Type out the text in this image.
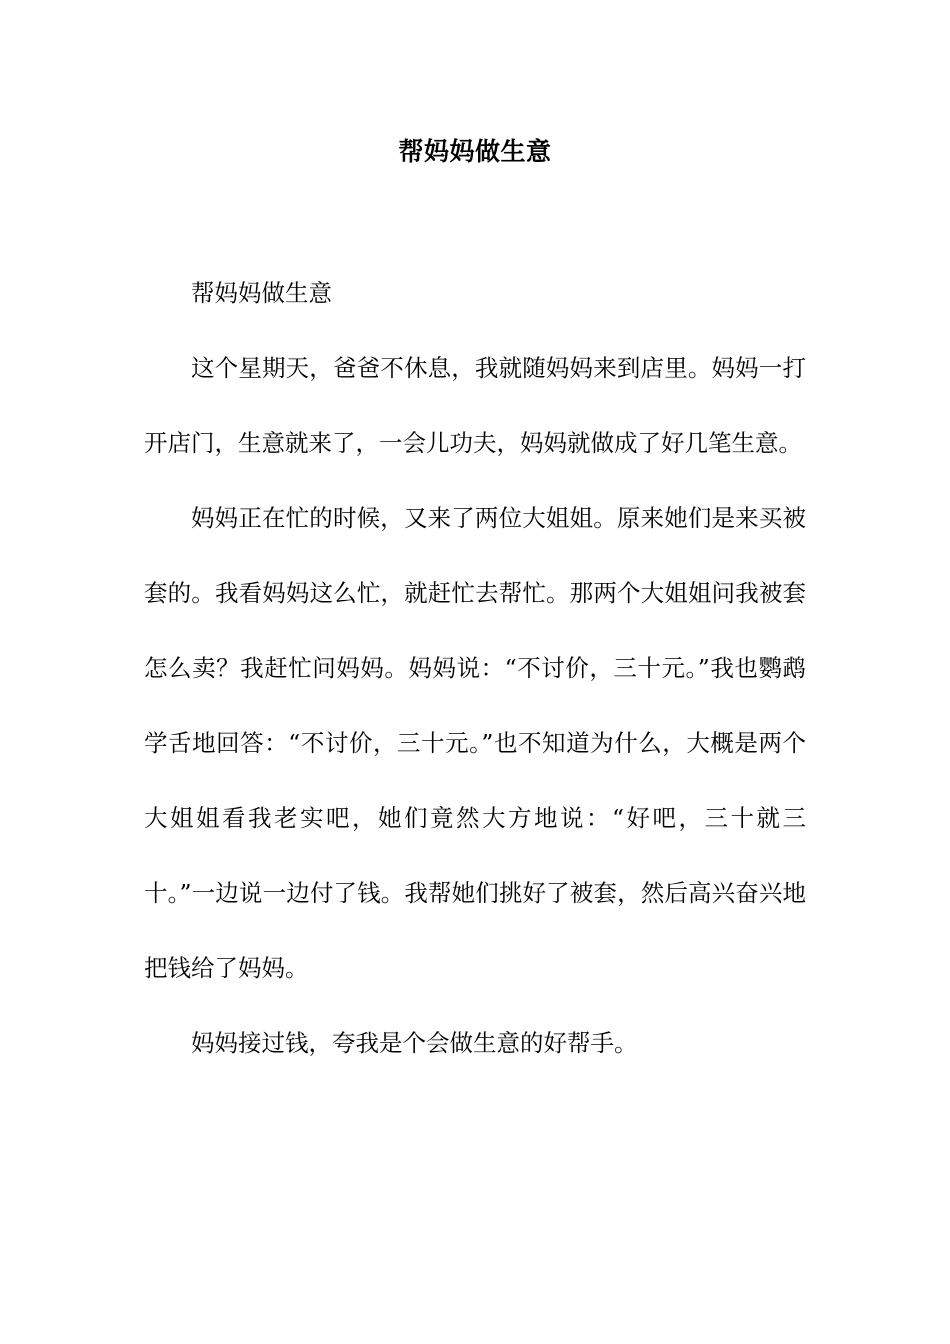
帮妈妈做生意

帮妈妈做生意

这个星期天，爸爸不休息，我就随妈妈来到店里。妈妈一打开店门，生意就来了，一会儿功夫，妈妈就做成了好几笔生意。

妈妈正在忙的时候，又来了两位大姐姐。原来她们是来买被套的。我看妈妈这么忙，就赶忙去帮忙。那两个大姐姐问我被套怎么卖？我赶忙问妈妈。妈妈说：“不讨价，三十元。”我也鹦鹉学舌地回答：“不讨价，三十元。”也不知道为什么，大概是两个大姐姐看我老实吧，她们竟然大方地说：“好吧，三十就三十。”一边说一边付了钱。我帮她们挑好了被套，然后高兴奋兴地把钱给了妈妈。

妈妈接过钱，夸我是个会做生意的好帮手。
